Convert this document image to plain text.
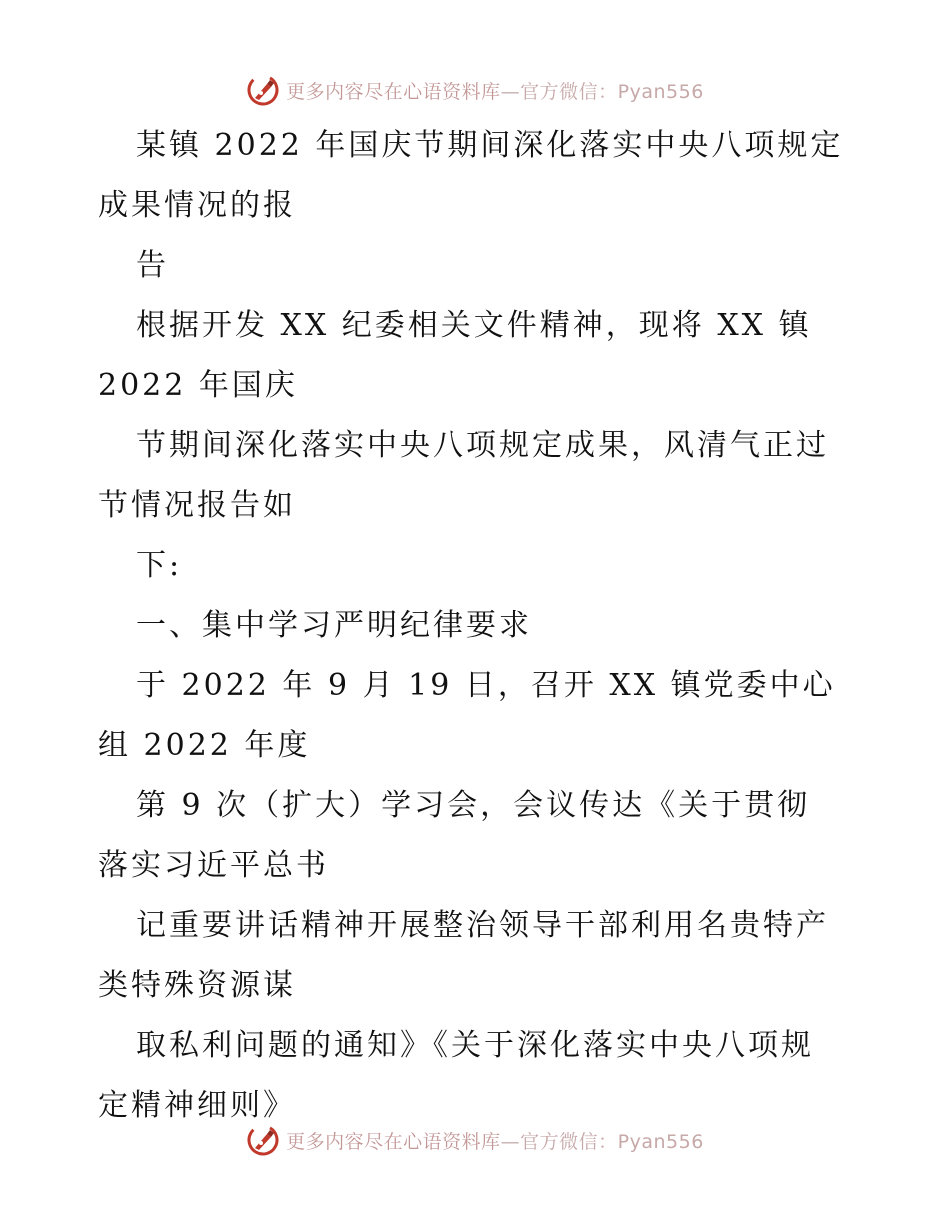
更多内容尽在心语资料库—官方微信：Pyan556
某镇 2022 年国庆节期间深化落实中央八项规定
成果情况的报
告
根据开发 XX 纪委相关文件精神，现将 XX 镇
2022 年国庆
节期间深化落实中央八项规定成果，风清气正过
节情况报告如
下:
一、集中学习严明纪律要求
于 2022 年 9 月 19 日，召开 XX 镇党委中心
组 2022 年度
第 9 次（扩大）学习会，会议传达《关于贯彻
落实习近平总书
记重要讲话精神开展整治领导干部利用名贵特产
类特殊资源谋
取私利问题的通知》《关于深化落实中央八项规
定精神细则》
更多内容尽在心语资料库—官方微信：Pyan556
